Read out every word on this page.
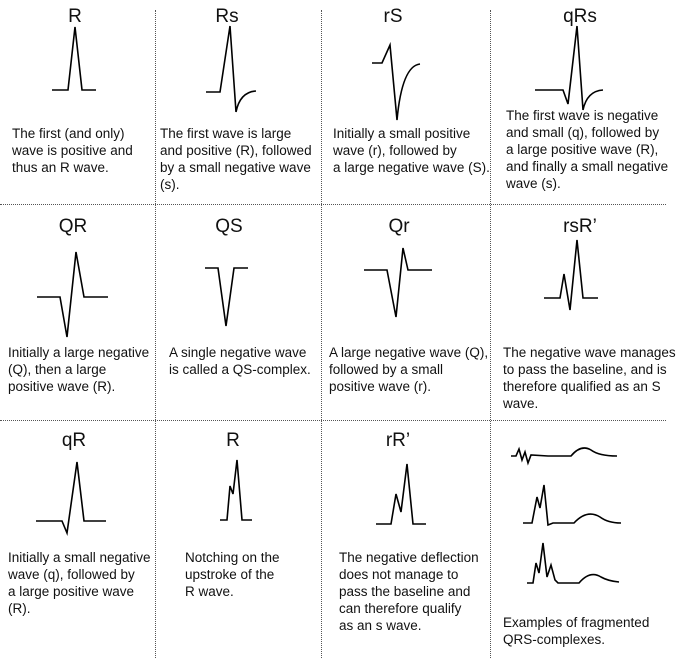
R
The first (and only)
wave is positive and
thus an R wave.
Rs
The first wave is large
and positive (R), followed
by a small negative wave
(s).
rS
Initially a small positive
wave (r), followed by
a large negative wave (S).
qRs
The first wave is negative
and small (q), followed by
a large positive wave (R),
and finally a small negative
wave (s).
QR
Initially a large negative
(Q), then a large
positive wave (R).
QS
A single negative wave
is called a QS-complex.
Qr
A large negative wave (Q),
followed by a small
positive wave (r).
rsR’
The negative wave manages
to pass the baseline, and is
therefore qualified as an S
wave.
qR
Initially a small negative
wave (q), followed by
a large positive wave
(R).
R
Notching on the
upstroke of the
R wave.
rR’
The negative deflection
does not manage to
pass the baseline and
can therefore qualify
as an s wave.	Examples of fragmented
QRS-complexes.
